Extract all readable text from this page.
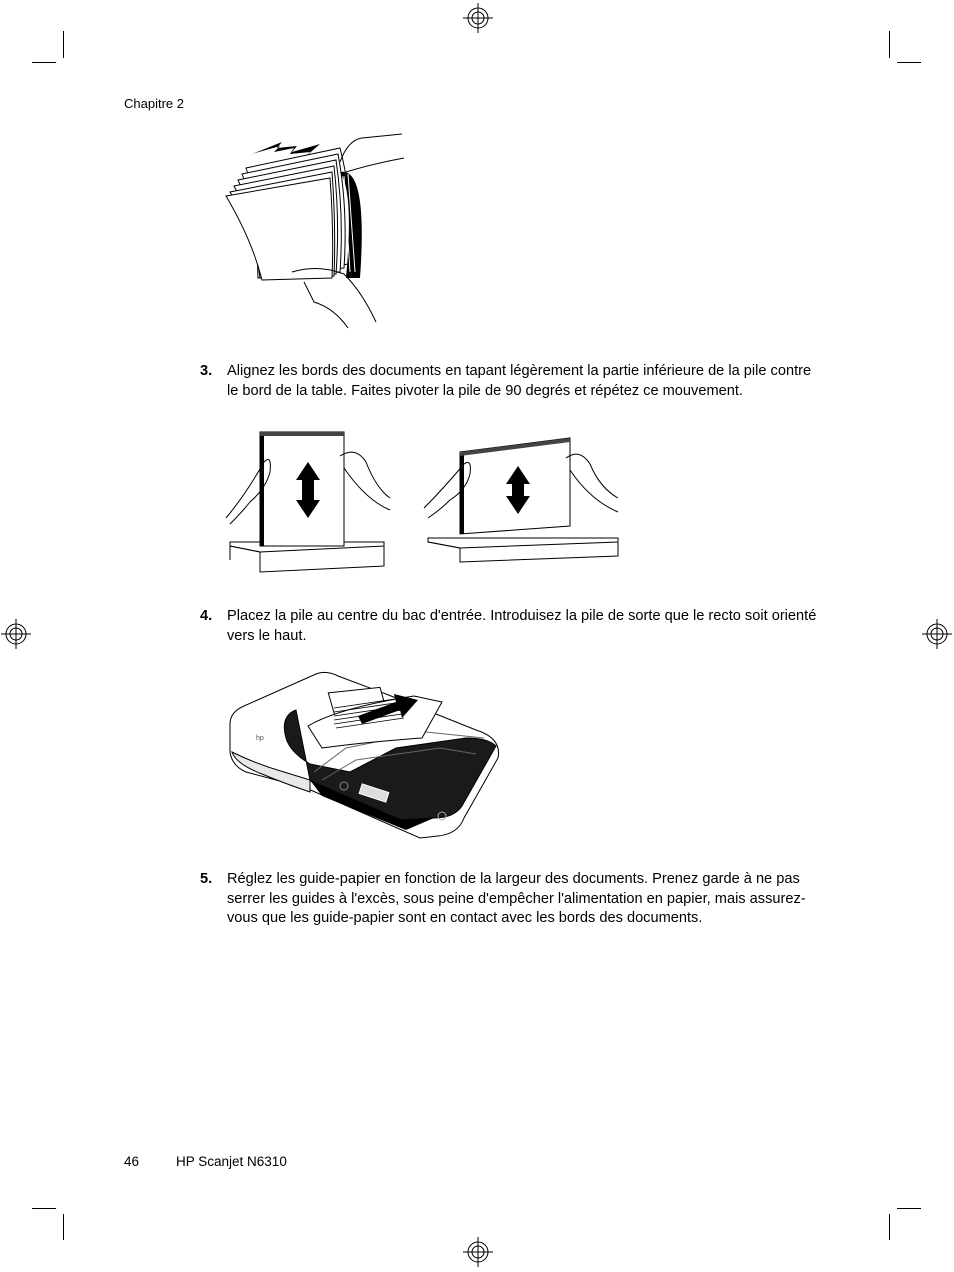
Chapitre 2
3. Alignez les bords des documents en tapant légèrement la partie inférieure de la pile contre le bord de la table. Faites pivoter la pile de 90 degrés et répétez ce mouvement.
4. Placez la pile au centre du bac d'entrée. Introduisez la pile de sorte que le recto soit orienté vers le haut.
hp
5. Réglez les guide-papier en fonction de la largeur des documents. Prenez garde à ne pas serrer les guides à l'excès, sous peine d'empêcher l'alimentation en papier, mais assurez-vous que les guide-papier sont en contact avec les bords des documents.
46	HP Scanjet N6310
